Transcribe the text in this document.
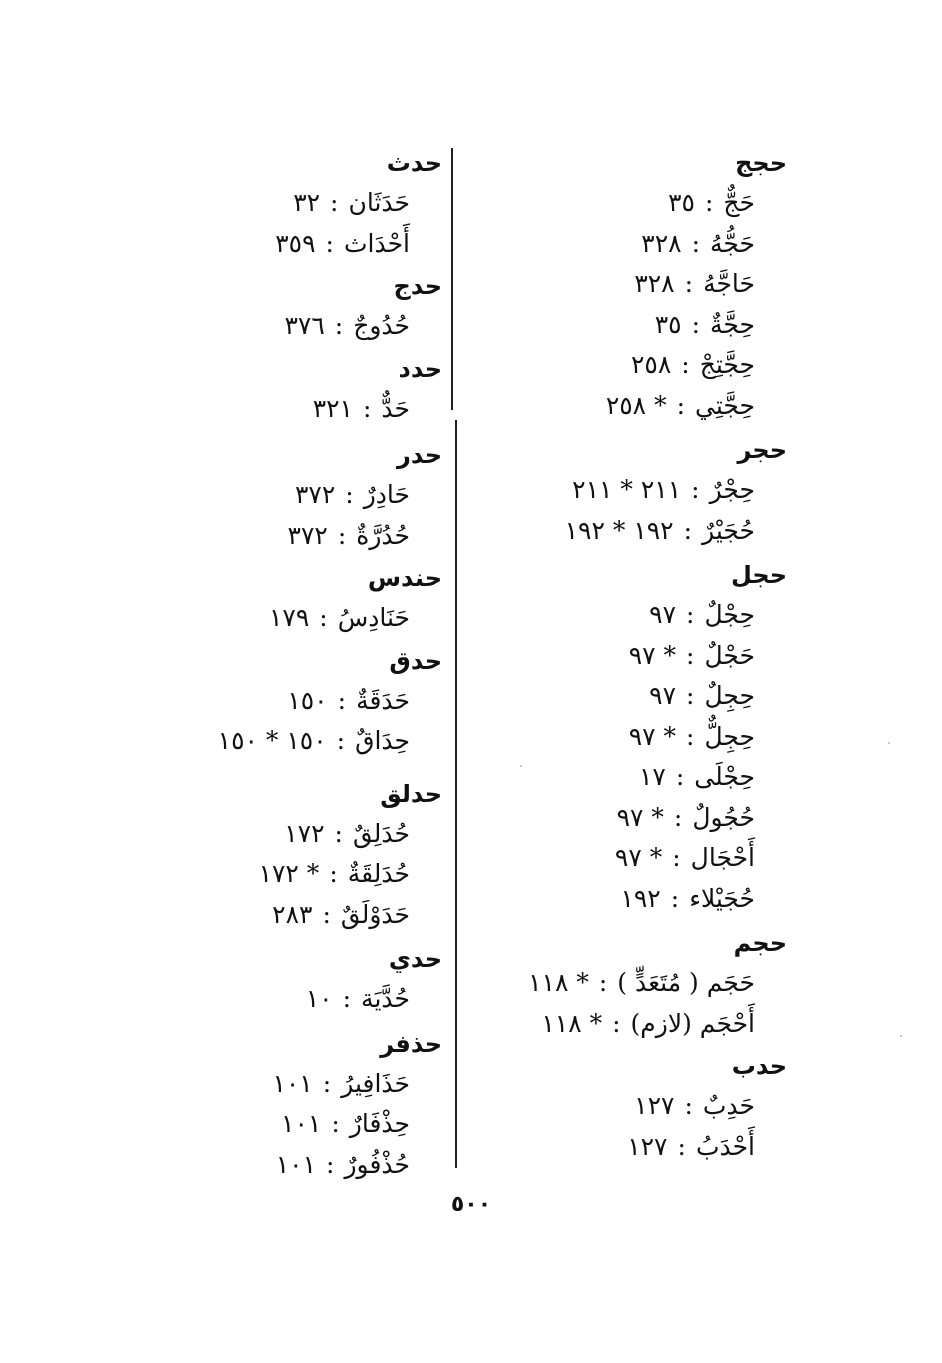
حجج
حَجٌّ:٣٥
حَجُّهُ:٣٢٨
حَاجَّهُ:٣٢٨
حِجَّةٌ:٣٥
حِجَّتِجْ:٢٥٨
حِجَّتِي:* ٢٥٨
حجر
حِجْرٌ:٢١١ * ٢١١
حُجَيْرٌ:١٩٢ * ١٩٢
حجل
حِجْلٌ:٩٧
حَجْلٌ:* ٩٧
حِجِلٌ:٩٧
حِجِلٌّ:* ٩٧
حِجْلَى:١٧
حُجُولٌ:* ٩٧
أَحْجَال:* ٩٧
حُجَيْلاء:١٩٢
حجم
حَجَم ( مُتَعَدٍّ ):* ١١٨
أَحْجَم (لازم):* ١١٨
حدب
حَدِبٌ:١٢٧
أَحْدَبُ:١٢٧
حدث
حَدَثَان:٣٢
أَحْدَاث:٣٥٩
حدج
حُدُوجٌ:٣٧٦
حدد
حَدٌّ:٣٢١
حدر
حَادِرٌ:٣٧٢
حُدُرَّةٌ:٣٧٢
حندس
حَنَادِسُ:١٧٩
حدق
حَدَقَةٌ:١٥٠
حِدَاقٌ:١٥٠ * ١٥٠
حدلق
حُدَلِقٌ:١٧٢
حُدَلِقَةٌ:* ١٧٢
حَدَوْلَقٌ:٢٨٣
حدي
حُدَّيَة:١٠
حذفر
حَذَافِيرُ:١٠١
حِذْفَارٌ:١٠١
حُذْفُورٌ:١٠١
٥٠٠
